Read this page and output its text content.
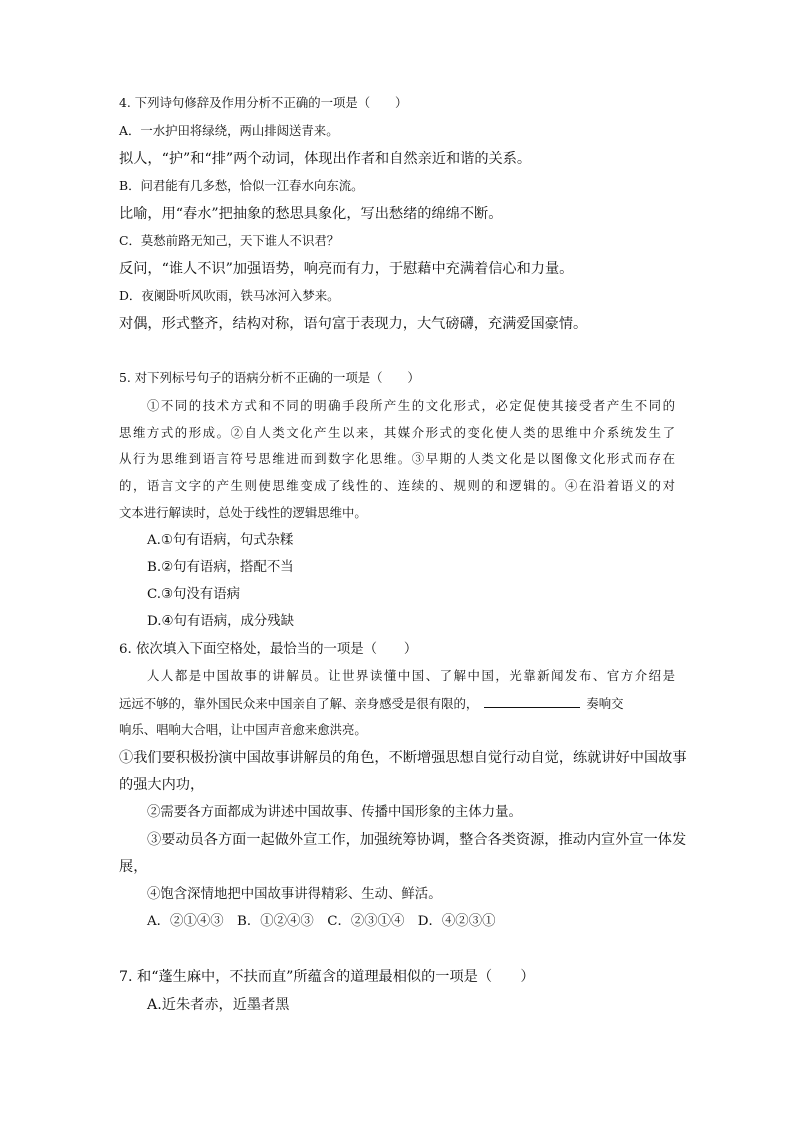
4. 下列诗句修辞及作用分析不正确的一项是（　　）
A．一水护田将绿绕，两山排闼送青来。
拟人，“护”和“排”两个动词，体现出作者和自然亲近和谐的关系。
B．问君能有几多愁，恰似一江春水向东流。
比喻，用“春水”把抽象的愁思具象化，写出愁绪的绵绵不断。
C．莫愁前路无知己，天下谁人不识君？
反问，“谁人不识”加强语势，响亮而有力，于慰藉中充满着信心和力量。
D．夜阑卧听风吹雨，铁马冰河入梦来。
对偶，形式整齐，结构对称，语句富于表现力，大气磅礴，充满爱国豪情。
5. 对下列标号句子的语病分析不正确的一项是（　　）
①不同的技术方式和不同的明确手段所产生的文化形式，必定促使其接受者产生不同的
思维方式的形成。②自人类文化产生以来，其媒介形式的变化使人类的思维中介系统发生了
从行为思维到语言符号思维进而到数字化思维。③早期的人类文化是以图像文化形式而存在
的，语言文字的产生则使思维变成了线性的、连续的、规则的和逻辑的。④在沿着语义的对
文本进行解读时，总处于线性的逻辑思维中。
A.①句有语病，句式杂糅
B.②句有语病，搭配不当
C.③句没有语病
D.④句有语病，成分残缺
6. 依次填入下面空格处，最恰当的一项是（　　）
人人都是中国故事的讲解员。让世界读懂中国、了解中国，光靠新闻发布、官方介绍是
远远不够的，靠外国民众来中国亲自了解、亲身感受是很有限的，	奏响交
响乐、唱响大合唱，让中国声音愈来愈洪亮。
①我们要积极扮演中国故事讲解员的角色，不断增强思想自觉行动自觉，练就讲好中国故事
的强大内功，
②需要各方面都成为讲述中国故事、传播中国形象的主体力量。
③要动员各方面一起做外宣工作，加强统筹协调，整合各类资源，推动内宣外宣一体发
展，
④饱含深情地把中国故事讲得精彩、生动、鲜活。
A．②①④③　B．①②④③　C．②③①④　D．④②③①
7. 和“蓬生麻中，不扶而直”所蕴含的道理最相似的一项是（　　）
A.近朱者赤，近墨者黑
